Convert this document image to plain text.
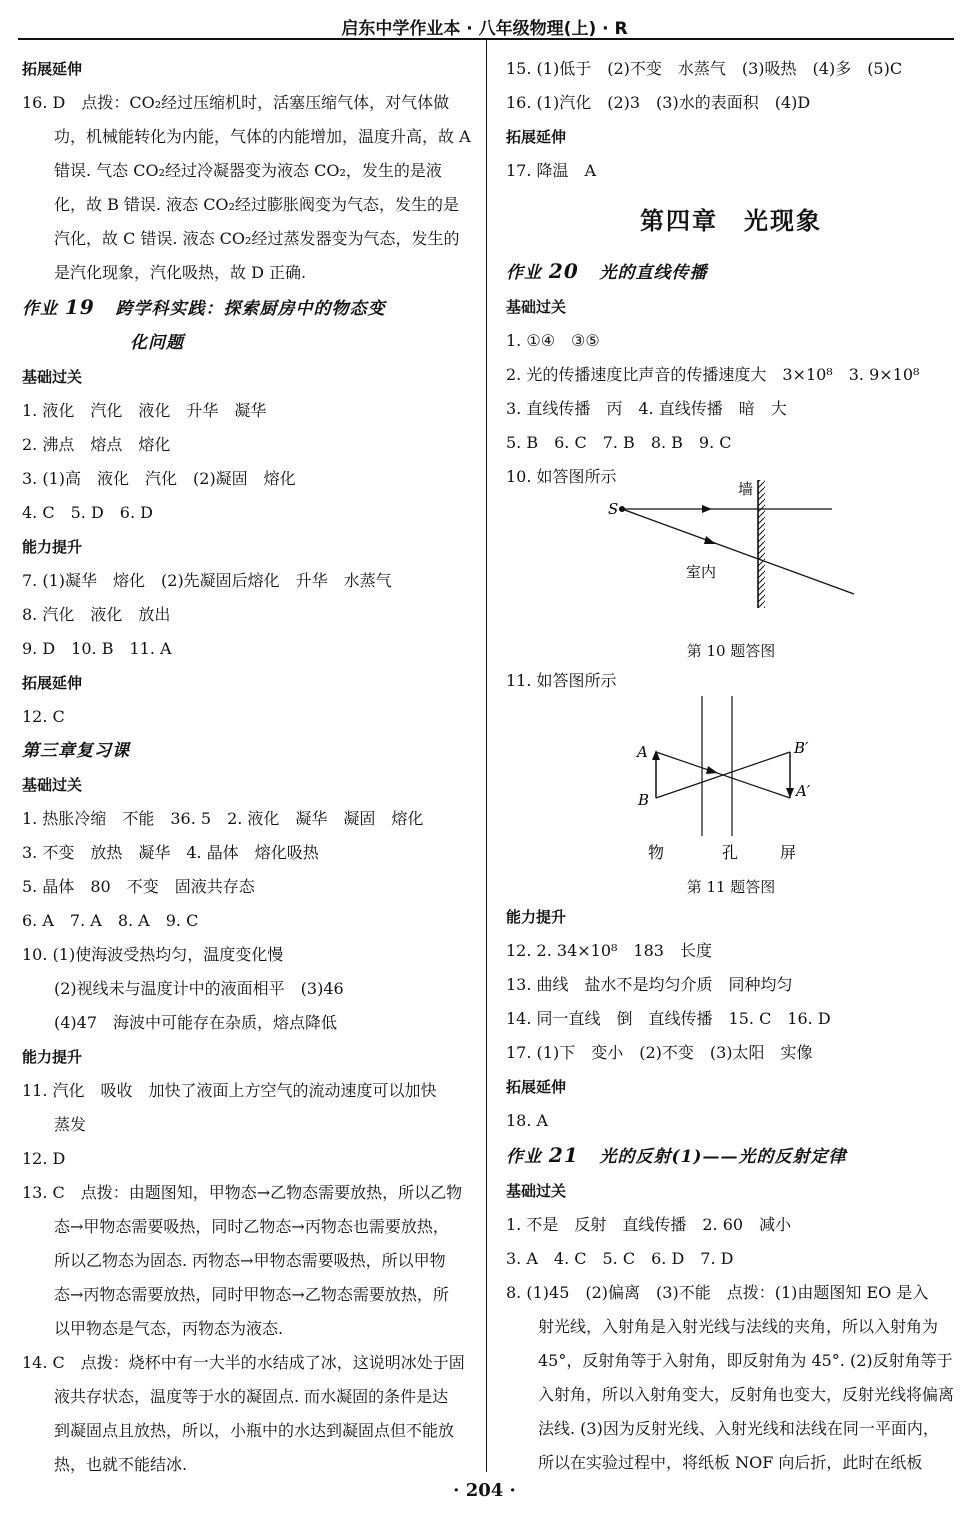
启东中学作业本 · 八年级物理(上) · R
拓展延伸
16. D　点拨：CO₂经过压缩机时，活塞压缩气体，对气体做
功，机械能转化为内能，气体的内能增加，温度升高，故 A
错误. 气态 CO₂经过冷凝器变为液态 CO₂，发生的是液
化，故 B 错误. 液态 CO₂经过膨胀阀变为气态，发生的是
汽化，故 C 错误. 液态 CO₂经过蒸发器变为气态，发生的
是汽化现象，汽化吸热，故 D 正确.
作业 19 跨学科实践：探索厨房中的物态变
化问题
基础过关
1. 液化　汽化　液化　升华　凝华
2. 沸点　熔点　熔化
3. (1)高　液化　汽化　(2)凝固　熔化
4. C　5. D　6. D
能力提升
7. (1)凝华　熔化　(2)先凝固后熔化　升华　水蒸气
8. 汽化　液化　放出
9. D　10. B　11. A
拓展延伸
12. C
第三章复习课
基础过关
1. 热胀冷缩　不能　36. 5　2. 液化　凝华　凝固　熔化
3. 不变　放热　凝华　4. 晶体　熔化吸热
5. 晶体　80　不变　固液共存态
6. A　7. A　8. A　9. C
10. (1)使海波受热均匀，温度变化慢
(2)视线未与温度计中的液面相平　(3)46
(4)47　海波中可能存在杂质，熔点降低
能力提升
11. 汽化　吸收　加快了液面上方空气的流动速度可以加快
蒸发
12. D
13. C　点拨：由题图知，甲物态→乙物态需要放热，所以乙物
态→甲物态需要吸热，同时乙物态→丙物态也需要放热，
所以乙物态为固态. 丙物态→甲物态需要吸热，所以甲物
态→丙物态需要放热，同时甲物态→乙物态需要放热，所
以甲物态是气态，丙物态为液态.
14. C　点拨：烧杯中有一大半的水结成了冰，这说明冰处于固
液共存状态，温度等于水的凝固点. 而水凝固的条件是达
到凝固点且放热，所以，小瓶中的水达到凝固点但不能放
热，也就不能结冰.
15. (1)低于　(2)不变　水蒸气　(3)吸热　(4)多　(5)C
16. (1)汽化　(2)3　(3)水的表面积　(4)D
拓展延伸
17. 降温　A
第四章　光现象
作业 20 光的直线传播
基础过关
1. ①④　③⑤
2. 光的传播速度比声音的传播速度大　3×10⁸　3. 9×10⁸
3. 直线传播　丙　4. 直线传播　暗　大
5. B　6. C　7. B　8. B　9. C
10. 如答图所示
S
墙
室内
第 10 题答图
11. 如答图所示
A
B
B′
A′
物	孔	屏
第 11 题答图
能力提升
12. 2. 34×10⁸　183　长度
13. 曲线　盐水不是均匀介质　同种均匀
14. 同一直线　倒　直线传播　15. C　16. D
17. (1)下　变小　(2)不变　(3)太阳　实像
拓展延伸
18. A
作业 21 光的反射(1)——光的反射定律
基础过关
1. 不是　反射　直线传播　2. 60　减小
3. A　4. C　5. C　6. D　7. D
8. (1)45　(2)偏离　(3)不能　点拨：(1)由题图知 EO 是入
射光线，入射角是入射光线与法线的夹角，所以入射角为
45°，反射角等于入射角，即反射角为 45°. (2)反射角等于
入射角，所以入射角变大，反射角也变大，反射光线将偏离
法线. (3)因为反射光线、入射光线和法线在同一平面内，
所以在实验过程中，将纸板 NOF 向后折，此时在纸板
· 204 ·
